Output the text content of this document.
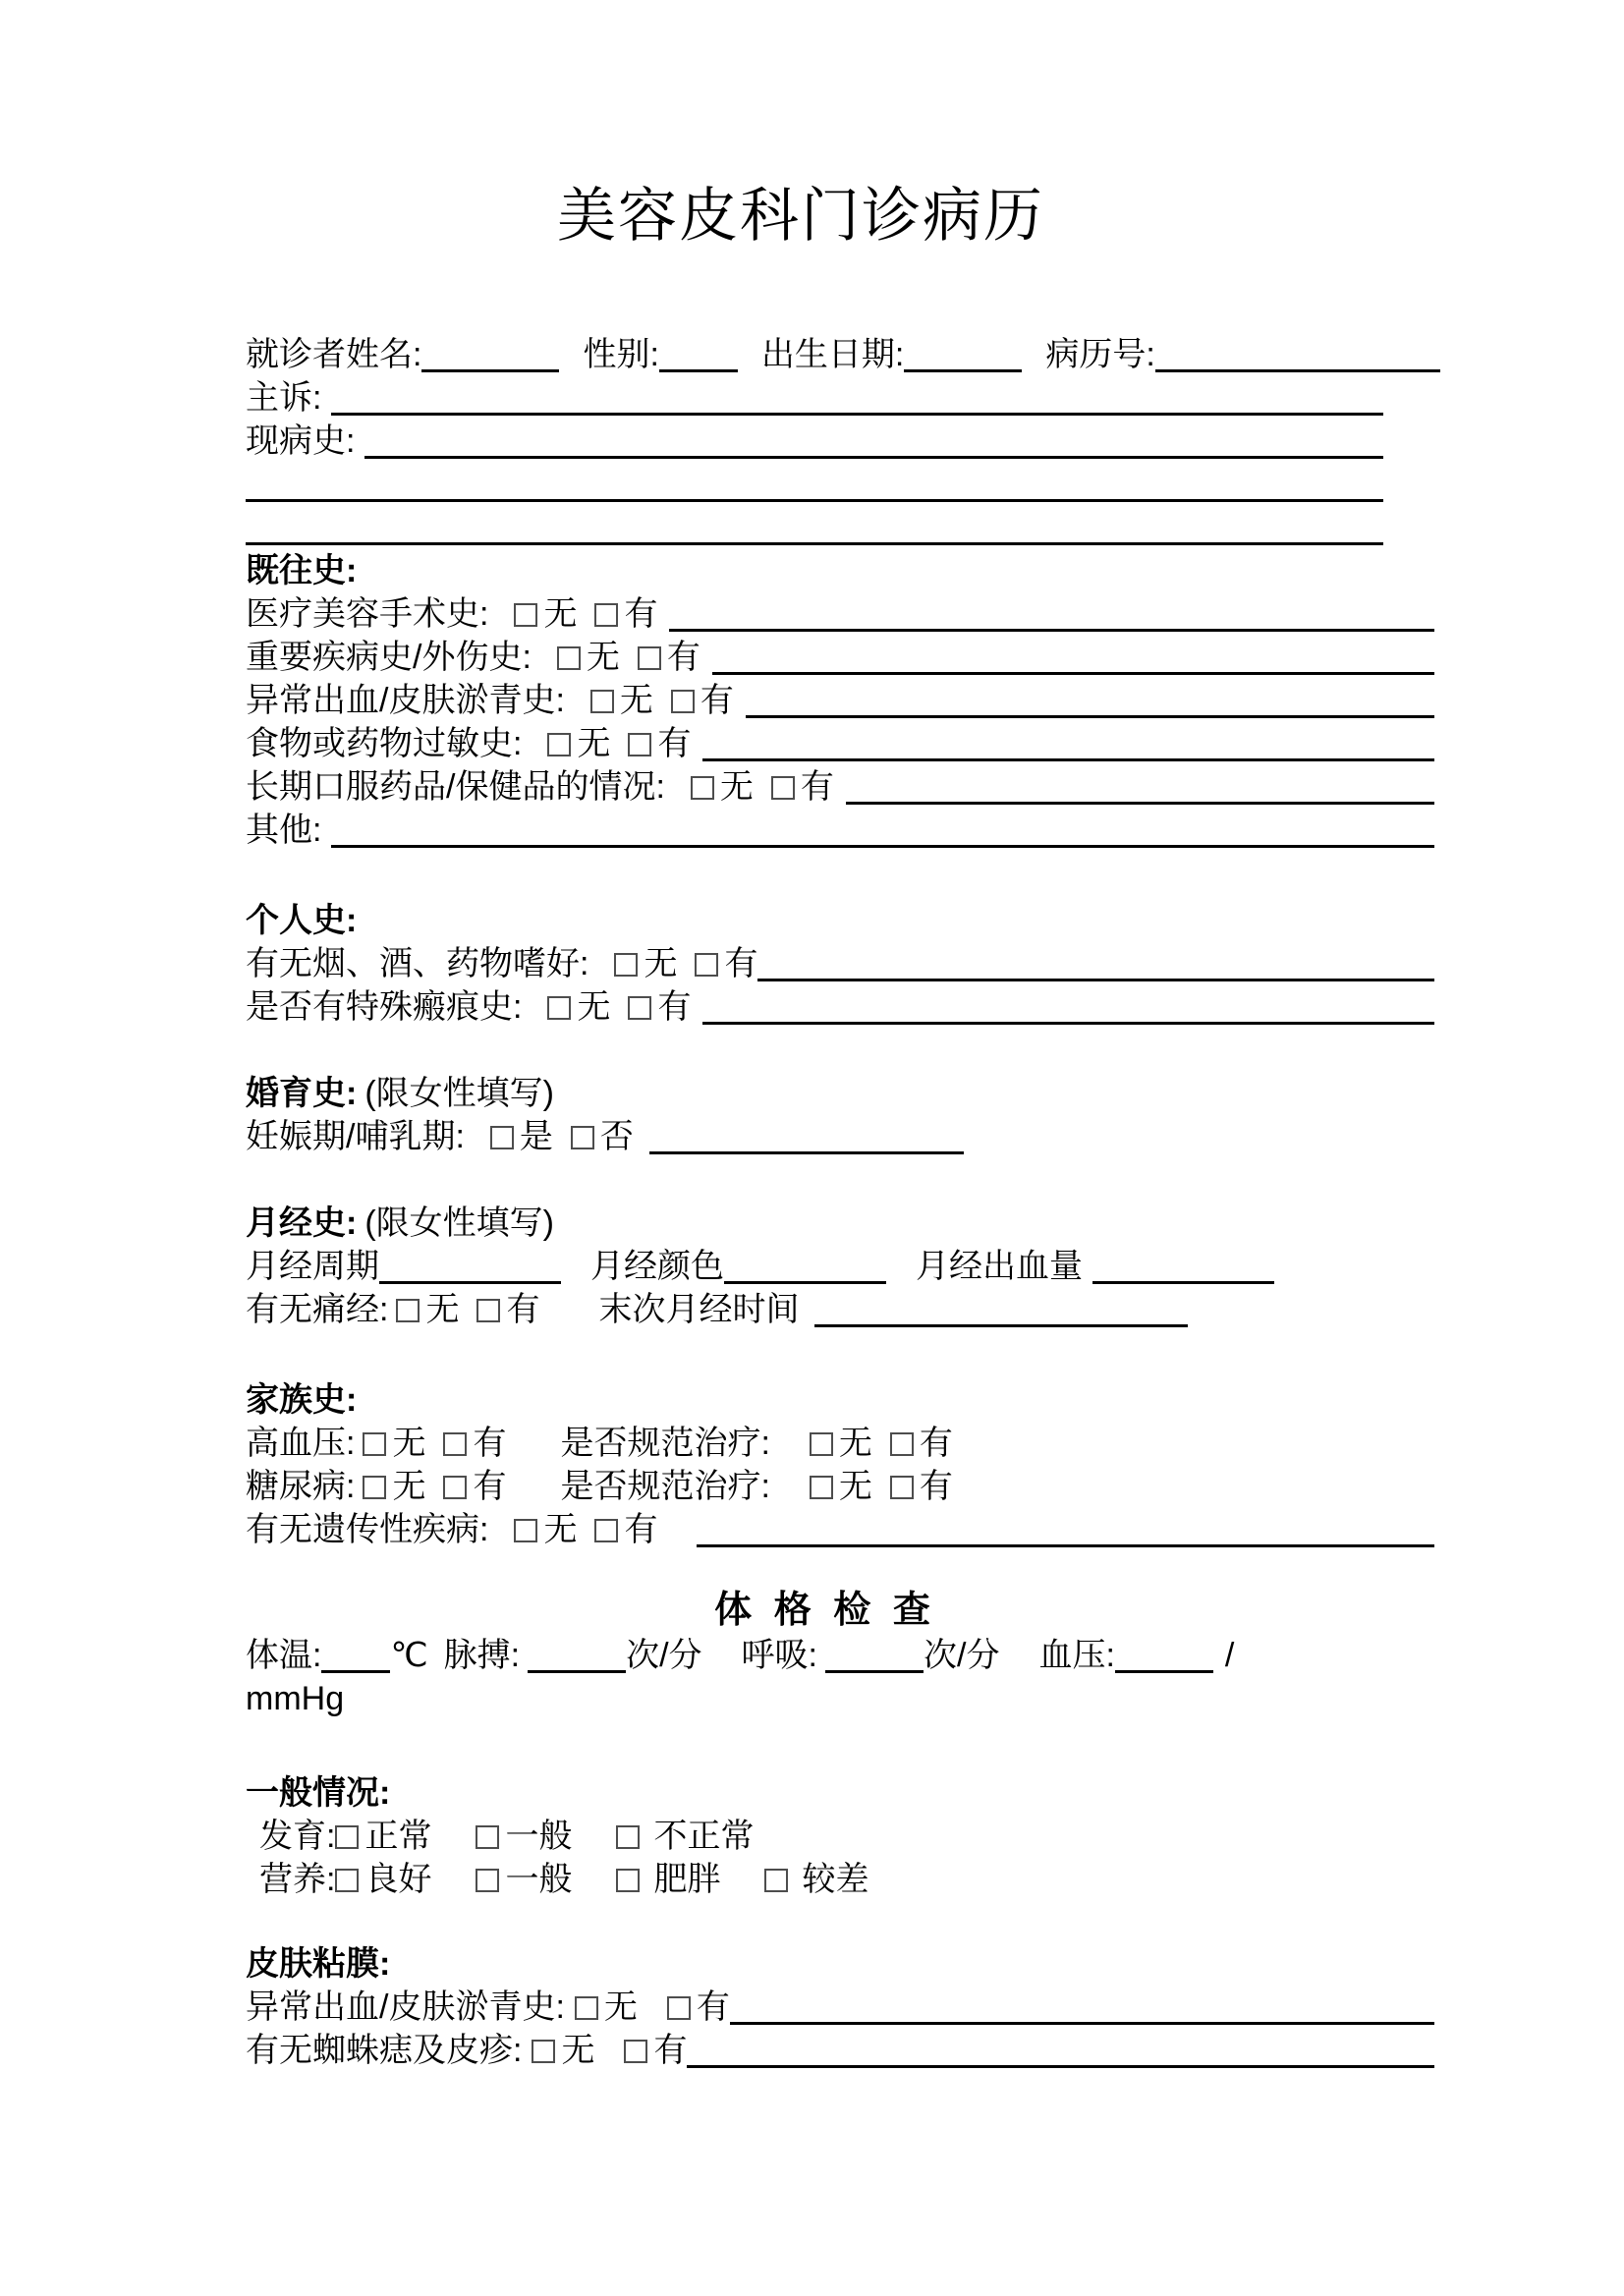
美容皮科门诊病历
就诊者姓名:	性别:	出生日期:	病历号:
主诉:
现病史:
既往史:
医疗美容手术史: 无 有
重要疾病史/外伤史: 无 有
异常出血/皮肤淤青史: 无 有
食物或药物过敏史: 无 有
长期口服药品/保健品的情况: 无 有
其他:
个人史:
有无烟、酒、药物嗜好: 无 有
是否有特殊瘢痕史: 无 有
婚育史: (限女性填写)
妊娠期/哺乳期: 是 否
月经史: (限女性填写)
月经周期	月经颜色	月经出血量
有无痛经: 无 有 末次月经时间
家族史:
高血压: 无 有 是否规范治疗: 无 有
糖尿病: 无 有 是否规范治疗: 无 有
有无遗传性疾病: 无 有
体 格 检 查
体温: ℃ 脉搏:	次/分 呼吸:	次/分 血压:	/
mmHg
一般情况:
发育: 正常 一般 不正常
营养: 良好 一般 肥胖 较差
皮肤粘膜:
异常出血/皮肤淤青史: 无 有
有无蜘蛛痣及皮疹: 无 有
